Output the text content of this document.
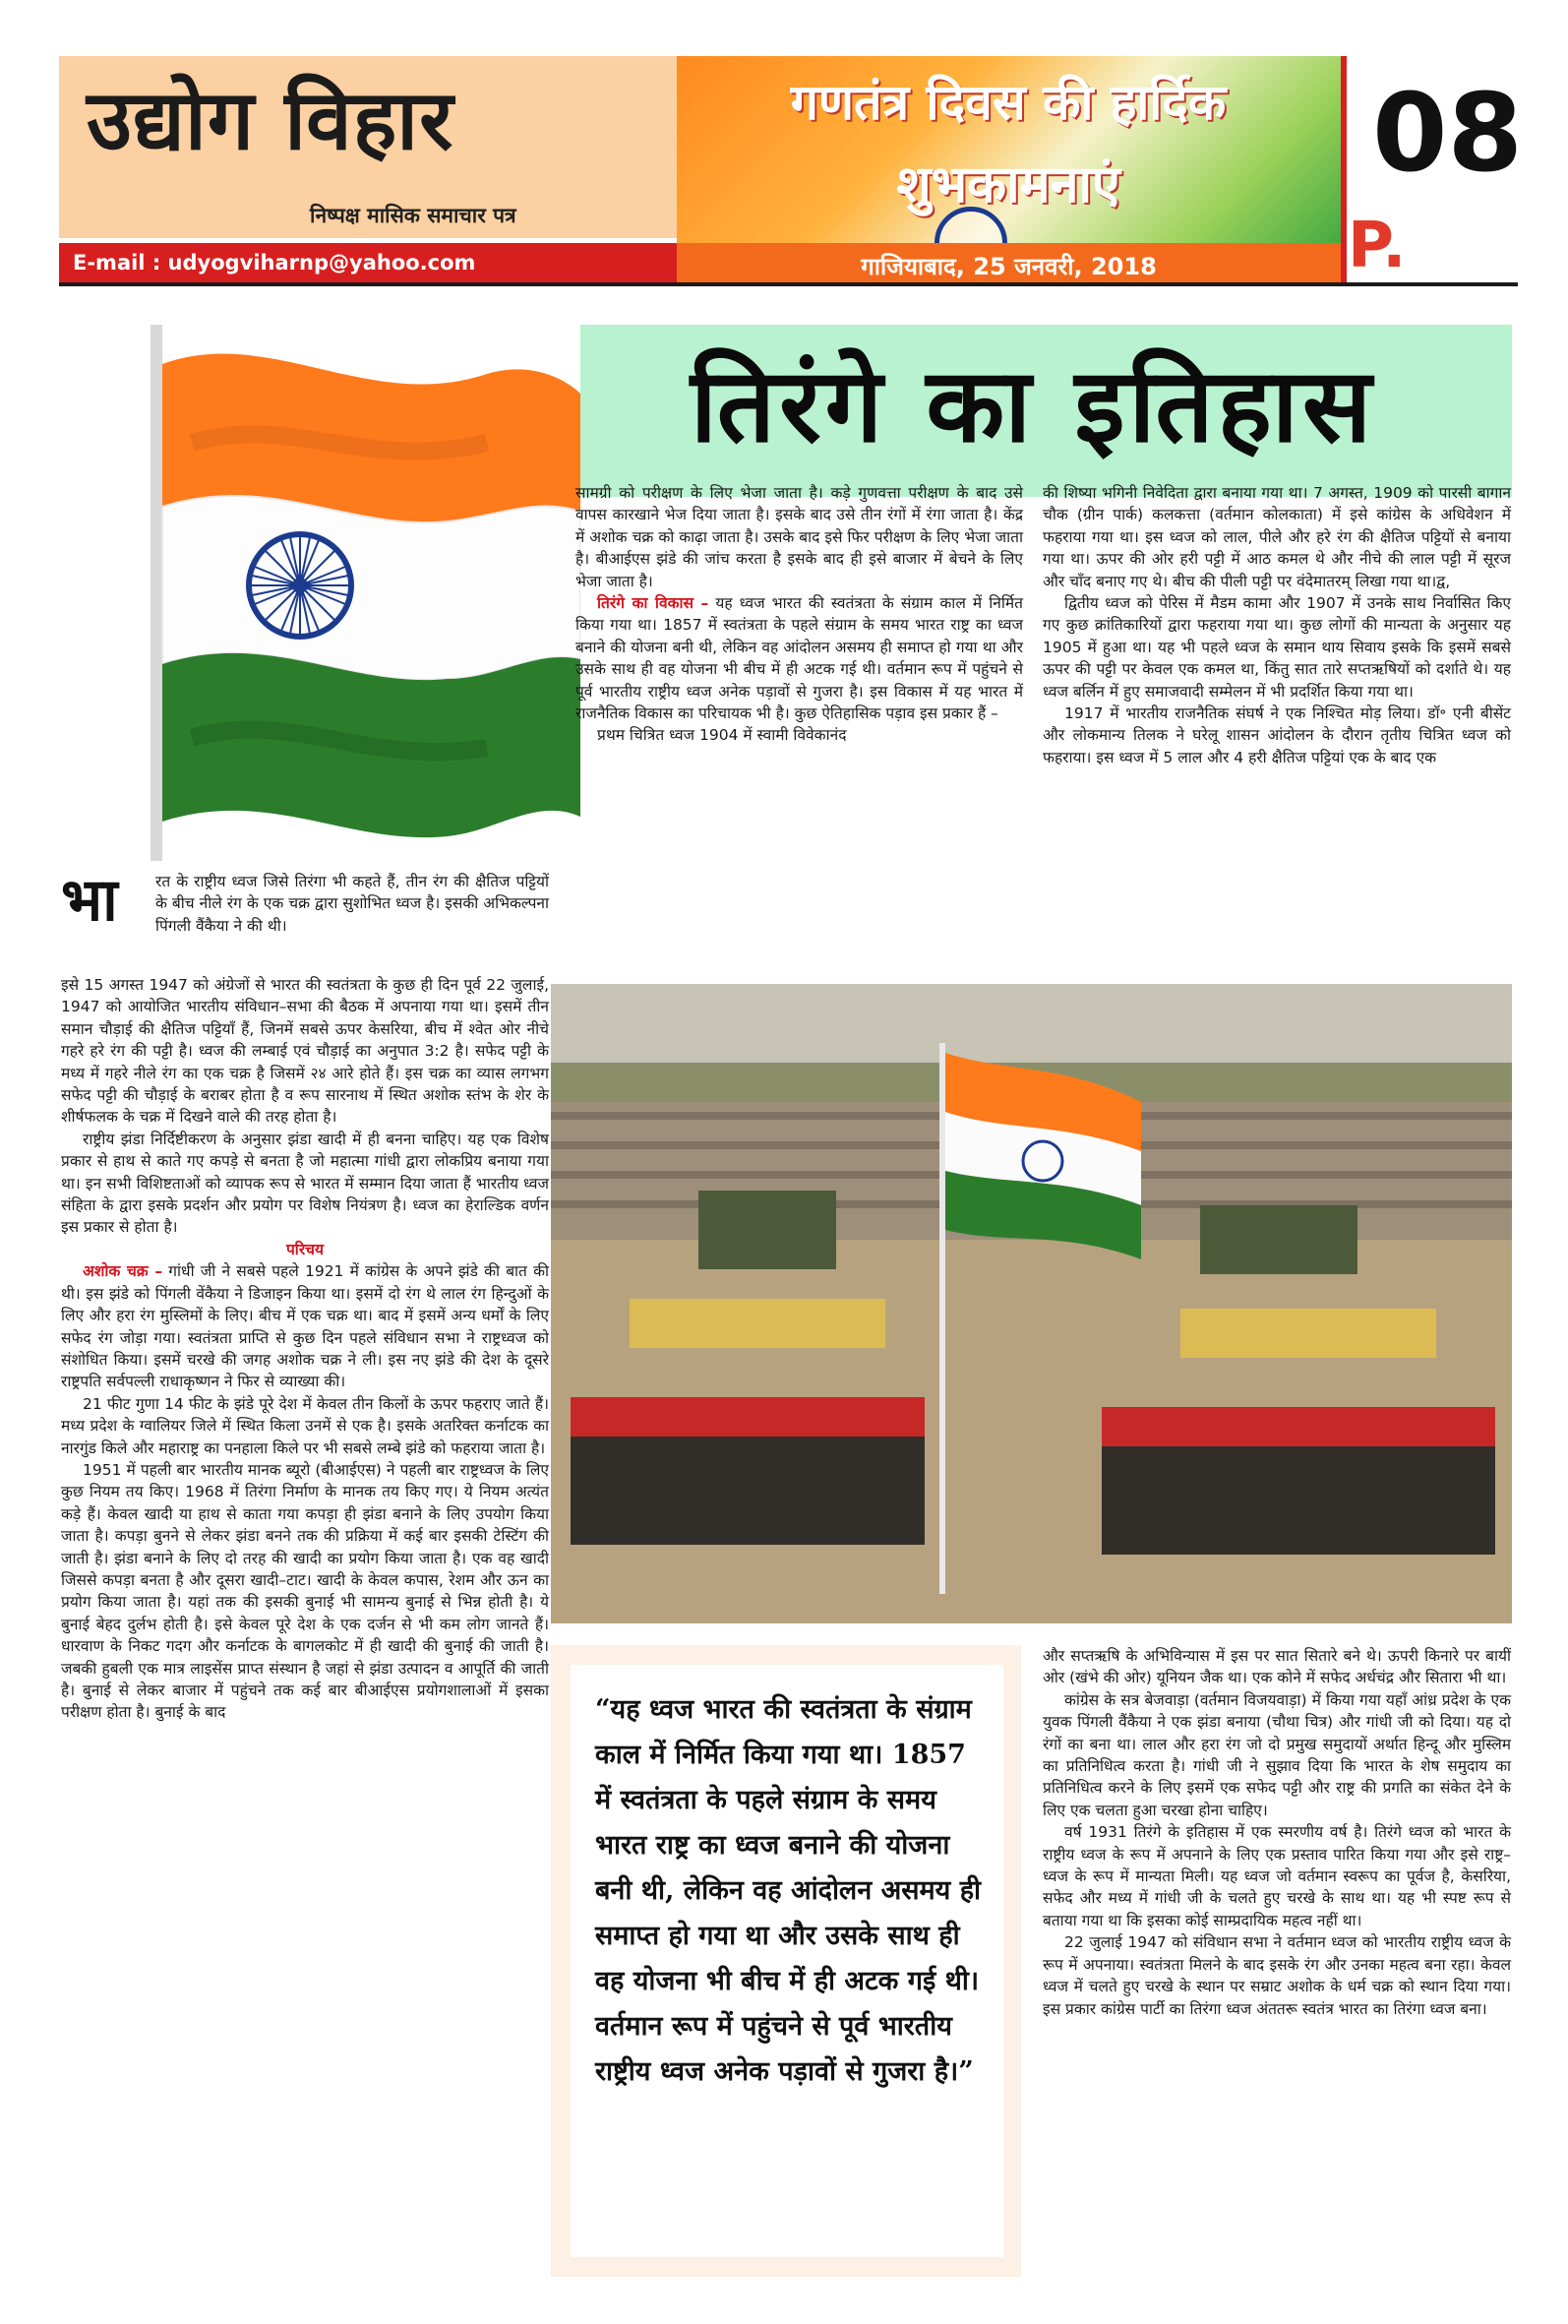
उद्योग विहार
निष्पक्ष मासिक समाचार पत्र
E-mail : udyogviharnp@yahoo.com
गणतंत्र दिवस की हार्दिक
शुभकामनाएं
गाजियाबाद, 25 जनवरी, 2018
08
P.
तिरंगे का इतिहास
भा रत के राष्ट्रीय ध्वज जिसे तिरंगा भी कहते हैं, तीन रंग की क्षैतिज पट्टियों के बीच नीले रंग के एक चक्र द्वारा सुशोभित ध्वज है। इसकी अभिकल्पना पिंगली वैंकैया ने की थी।

इसे 15 अगस्त 1947 को अंग्रेजों से भारत की स्वतंत्रता के कुछ ही दिन पूर्व 22 जुलाई, 1947 को आयोजित भारतीय संविधान–सभा की बैठक में अपनाया गया था। इसमें तीन समान चौड़ाई की क्षैतिज पट्टियाँ हैं, जिनमें सबसे ऊपर केसरिया, बीच में श्वेत ओर नीचे गहरे हरे रंग की पट्टी है। ध्वज की लम्बाई एवं चौड़ाई का अनुपात 3:2 है। सफेद पट्टी के मध्य में गहरे नीले रंग का एक चक्र है जिसमें २४ आरे होते हैं। इस चक्र का व्यास लगभग सफेद पट्टी की चौड़ाई के बराबर होता है व रूप सारनाथ में स्थित अशोक स्तंभ के शेर के शीर्षफलक के चक्र में दिखने वाले की तरह होता है।

राष्ट्रीय झंडा निर्दिष्टीकरण के अनुसार झंडा खादी में ही बनना चाहिए। यह एक विशेष प्रकार से हाथ से काते गए कपड़े से बनता है जो महात्मा गांधी द्वारा लोकप्रिय बनाया गया था। इन सभी विशिष्टताओं को व्यापक रूप से भारत में सम्मान दिया जाता हैं भारतीय ध्वज संहिता के द्वारा इसके प्रदर्शन और प्रयोग पर विशेष नियंत्रण है। ध्वज का हेराल्डिक वर्णन इस प्रकार से होता है।

परिचय

अशोक चक्र – गांधी जी ने सबसे पहले 1921 में कांग्रेस के अपने झंडे की बात की थी। इस झंडे को पिंगली वेंकैया ने डिजाइन किया था। इसमें दो रंग थे लाल रंग हिन्दुओं के लिए और हरा रंग मुस्लिमों के लिए। बीच में एक चक्र था। बाद में इसमें अन्य धर्मों के लिए सफेद रंग जोड़ा गया। स्वतंत्रता प्राप्ति से कुछ दिन पहले संविधान सभा ने राष्ट्रध्वज को संशोधित किया। इसमें चरखे की जगह अशोक चक्र ने ली। इस नए झंडे की देश के दूसरे राष्ट्रपति सर्वपल्ली राधाकृष्णन ने फिर से व्याख्या की।

21 फीट गुणा 14 फीट के झंडे पूरे देश में केवल तीन किलों के ऊपर फहराए जाते हैं। मध्य प्रदेश के ग्वालियर जिले में स्थित किला उनमें से एक है। इसके अतरिक्त कर्नाटक का नारगुंड किले और महाराष्ट्र का पनहाला किले पर भी सबसे लम्बे झंडे को फहराया जाता है।

1951 में पहली बार भारतीय मानक ब्यूरो (बीआईएस) ने पहली बार राष्ट्रध्वज के लिए कुछ नियम तय किए। 1968 में तिरंगा निर्माण के मानक तय किए गए। ये नियम अत्यंत कड़े हैं। केवल खादी या हाथ से काता गया कपड़ा ही झंडा बनाने के लिए उपयोग किया जाता है। कपड़ा बुनने से लेकर झंडा बनने तक की प्रक्रिया में कई बार इसकी टेस्टिंग की जाती है। झंडा बनाने के लिए दो तरह की खादी का प्रयोग किया जाता है। एक वह खादी जिससे कपड़ा बनता है और दूसरा खादी–टाट। खादी के केवल कपास, रेशम और ऊन का प्रयोग किया जाता है। यहां तक की इसकी बुनाई भी सामन्य बुनाई से भिन्न होती है। ये बुनाई बेहद दुर्लभ होती है। इसे केवल पूरे देश के एक दर्जन से भी कम लोग जानते हैं। धारवाण के निकट गदग और कर्नाटक के बागलकोट में ही खादी की बुनाई की जाती है। जबकी हुबली एक मात्र लाइसेंस प्राप्त संस्थान है जहां से झंडा उत्पादन व आपूर्ति की जाती है। बुनाई से लेकर बाजार में पहुंचने तक कई बार बीआईएस प्रयोगशालाओं में इसका परीक्षण होता है। बुनाई के बाद

सामग्री को परीक्षण के लिए भेजा जाता है। कड़े गुणवत्ता परीक्षण के बाद उसे वापस कारखाने भेज दिया जाता है। इसके बाद उसे तीन रंगों में रंगा जाता है। केंद्र में अशोक चक्र को काढ़ा जाता है। उसके बाद इसे फिर परीक्षण के लिए भेजा जाता है। बीआईएस झंडे की जांच करता है इसके बाद ही इसे बाजार में बेचने के लिए भेजा जाता है।

तिरंगे का विकास – यह ध्वज भारत की स्वतंत्रता के संग्राम काल में निर्मित किया गया था। 1857 में स्वतंत्रता के पहले संग्राम के समय भारत राष्ट्र का ध्वज बनाने की योजना बनी थी, लेकिन वह आंदोलन असमय ही समाप्त हो गया था और उसके साथ ही वह योजना भी बीच में ही अटक गई थी। वर्तमान रूप में पहुंचने से पूर्व भारतीय राष्ट्रीय ध्वज अनेक पड़ावों से गुजरा है। इस विकास में यह भारत में राजनैतिक विकास का परिचायक भी है। कुछ ऐतिहासिक पड़ाव इस प्रकार हैं –

प्रथम चित्रित ध्वज 1904 में स्वामी विवेकानंद

की शिष्या भगिनी निवेदिता द्वारा बनाया गया था। 7 अगस्त, 1909 को पारसी बागान चौक (ग्रीन पार्क) कलकत्ता (वर्तमान कोलकाता) में इसे कांग्रेस के अधिवेशन में फहराया गया था। इस ध्वज को लाल, पीले और हरे रंग की क्षैतिज पट्टियों से बनाया गया था। ऊपर की ओर हरी पट्टी में आठ कमल थे और नीचे की लाल पट्टी में सूरज और चाँद बनाए गए थे। बीच की पीली पट्टी पर वंदेमातरम् लिखा गया था।द्व,

द्वितीय ध्वज को पेरिस में मैडम कामा और 1907 में उनके साथ निर्वासित किए गए कुछ क्रांतिकारियों द्वारा फहराया गया था। कुछ लोगों की मान्यता के अनुसार यह 1905 में हुआ था। यह भी पहले ध्वज के समान थाय सिवाय इसके कि इसमें सबसे ऊपर की पट्टी पर केवल एक कमल था, किंतु सात तारे सप्तऋषियों को दर्शाते थे। यह ध्वज बर्लिन में हुए समाजवादी सम्मेलन में भी प्रदर्शित किया गया था।

1917 में भारतीय राजनैतिक संघर्ष ने एक निश्चित मोड़ लिया। डॉ॰ एनी बीसेंट और लोकमान्य तिलक ने घरेलू शासन आंदोलन के दौरान तृतीय चित्रित ध्वज को फहराया। इस ध्वज में 5 लाल और 4 हरी क्षैतिज पट्टियां एक के बाद एक

“यह ध्वज भारत की स्वतंत्रता के संग्राम काल में निर्मित किया गया था। 1857 में स्वतंत्रता के पहले संग्राम के समय भारत राष्ट्र का ध्वज बनाने की योजना बनी थी, लेकिन वह आंदोलन असमय ही समाप्त हो गया था और उसके साथ ही वह योजना भी बीच में ही अटक गई थी। वर्तमान रूप में पहुंचने से पूर्व भारतीय राष्ट्रीय ध्वज अनेक पड़ावों से गुजरा है।”

और सप्तऋषि के अभिविन्यास में इस पर सात सितारे बने थे। ऊपरी किनारे पर बायीं ओर (खंभे की ओर) यूनियन जैक था। एक कोने में सफेद अर्धचंद्र और सितारा भी था।

कांग्रेस के सत्र बेजवाड़ा (वर्तमान विजयवाड़ा) में किया गया यहाँ आंध्र प्रदेश के एक युवक पिंगली वैंकैया ने एक झंडा बनाया (चौथा चित्र) और गांधी जी को दिया। यह दो रंगों का बना था। लाल और हरा रंग जो दो प्रमुख समुदायों अर्थात हिन्दू और मुस्लिम का प्रतिनिधित्व करता है। गांधी जी ने सुझाव दिया कि भारत के शेष समुदाय का प्रतिनिधित्व करने के लिए इसमें एक सफेद पट्टी और राष्ट्र की प्रगति का संकेत देने के लिए एक चलता हुआ चरखा होना चाहिए।

वर्ष 1931 तिरंगे के इतिहास में एक स्मरणीय वर्ष है। तिरंगे ध्वज को भारत के राष्ट्रीय ध्वज के रूप में अपनाने के लिए एक प्रस्ताव पारित किया गया और इसे राष्ट्र–ध्वज के रूप में मान्यता मिली। यह ध्वज जो वर्तमान स्वरूप का पूर्वज है, केसरिया, सफेद और मध्य में गांधी जी के चलते हुए चरखे के साथ था। यह भी स्पष्ट रूप से बताया गया था कि इसका कोई साम्प्रदायिक महत्व नहीं था।

22 जुलाई 1947 को संविधान सभा ने वर्तमान ध्वज को भारतीय राष्ट्रीय ध्वज के रूप में अपनाया। स्वतंत्रता मिलने के बाद इसके रंग और उनका महत्व बना रहा। केवल ध्वज में चलते हुए चरखे के स्थान पर सम्राट अशोक के धर्म चक्र को स्थान दिया गया। इस प्रकार कांग्रेस पार्टी का तिरंगा ध्वज अंततरू स्वतंत्र भारत का तिरंगा ध्वज बना।
